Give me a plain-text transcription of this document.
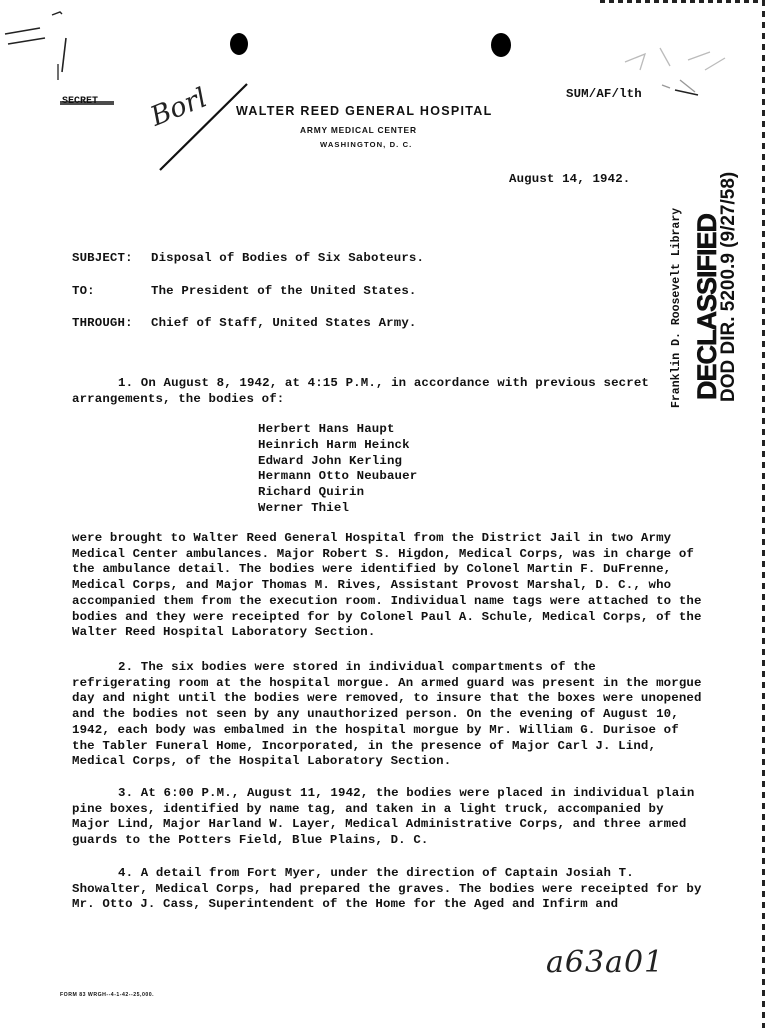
SECRET Borl WALTER REED GENERAL HOSPITAL
ARMY MEDICAL CENTER
WASHINGTON, D. C.
SUM/AF/lth
August 14, 1942.
SUBJECT: Disposal of Bodies of Six Saboteurs.
TO:	The President of the United States.
THROUGH: Chief of Staff, United States Army.

1. On August 8, 1942, at 4:15 P.M., in accordance with previous secret arrangements, the bodies of:

Herbert Hans Haupt
Heinrich Harm Heinck
Edward John Kerling
Hermann Otto Neubauer
Richard Quirin
Werner Thiel

were brought to Walter Reed General Hospital from the District Jail in two Army Medical Center ambulances. Major Robert S. Higdon, Medical Corps, was in charge of the ambulance detail. The bodies were identified by Colonel Martin F. DuFrenne, Medical Corps, and Major Thomas M. Rives, Assistant Provost Marshal, D. C., who accompanied them from the execution room. Individual name tags were attached to the bodies and they were receipted for by Colonel Paul A. Schule, Medical Corps, of the Walter Reed Hospital Laboratory Section.

2. The six bodies were stored in individual compartments of the refrigerating room at the hospital morgue. An armed guard was present in the morgue day and night until the bodies were removed, to insure that the boxes were unopened and the bodies not seen by any unauthorized person. On the evening of August 10, 1942, each body was embalmed in the hospital morgue by Mr. William G. Durisoe of the Tabler Funeral Home, Incorporated, in the presence of Major Carl J. Lind, Medical Corps, of the Hospital Laboratory Section.

3. At 6:00 P.M., August 11, 1942, the bodies were placed in individual plain pine boxes, identified by name tag, and taken in a light truck, accompanied by Major Lind, Major Harland W. Layer, Medical Administrative Corps, and three armed guards to the Potters Field, Blue Plains, D. C.

4. A detail from Fort Myer, under the direction of Captain Josiah T. Showalter, Medical Corps, had prepared the graves. The bodies were receipted for by Mr. Otto J. Cass, Superintendent of the Home for the Aged and Infirm and

Franklin D. Roosevelt Library DECLASSIFIED
DOD DIR. 5200.9 (9/27/58)
a63a01
FORM 83 WRGH--4-1-42--25,000.
